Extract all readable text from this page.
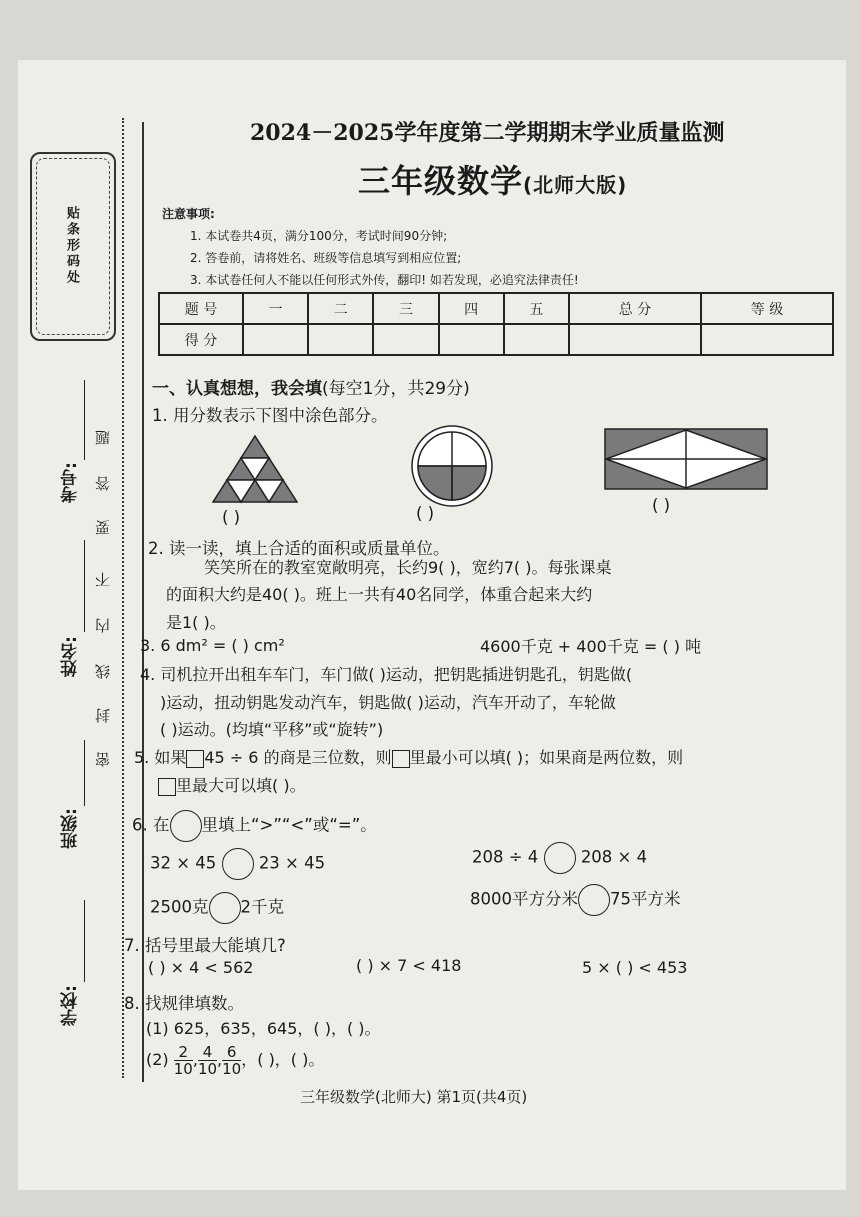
贴条形码处
考号:
姓名:
班级:
学校:
密
封
线
内
不
要
答
题
2024－2025学年度第二学期期末学业质量监测
三年级数学(北师大版)
注意事项:
1. 本试卷共4页，满分100分，考试时间90分钟;
2. 答卷前，请将姓名、班级等信息填写到相应位置;
3. 本试卷任何人不能以任何形式外传，翻印! 如若发现，必追究法律责任!
题 号	一	二	三	四	五	总 分	等 级
得 分							
一、认真想想，我会填(每空1分，共29分)
1. 用分数表示下图中涂色部分。
( )	( )	( )
2. 读一读，填上合适的面积或质量单位。
笑笑所在的教室宽敞明亮，长约9( )，宽约7( )。每张课桌
的面积大约是40( )。班上一共有40名同学，体重合起来大约
是1( )。
3. 6 dm² = ( ) cm²	4600千克 + 400千克 = ( ) 吨
4. 司机拉开出租车车门，车门做( )运动，把钥匙插进钥匙孔，钥匙做(
)运动，扭动钥匙发动汽车，钥匙做( )运动，汽车开动了，车轮做
( )运动。(均填“平移”或“旋转”)
5. 如果 45 ÷ 6 的商是三位数，则 里最小可以填( )；如果商是两位数，则
里最大可以填( )。
6. 在 里填上“>”“<”或“=”。
32 × 45	23 × 45	208 ÷ 4	208 × 4
2500克 2千克	8000平方分米 75平方米
7. 括号里最大能填几?
( ) × 4 < 562	( ) × 7 < 418	5 × ( ) < 453
8. 找规律填数。
(1) 625，635，645，( )，( )。
$(2) \frac{2}{10}$, $\frac{4}{10}$, $\frac{6}{10}$，( )，( )。
三年级数学(北师大) 第1页(共4页)
